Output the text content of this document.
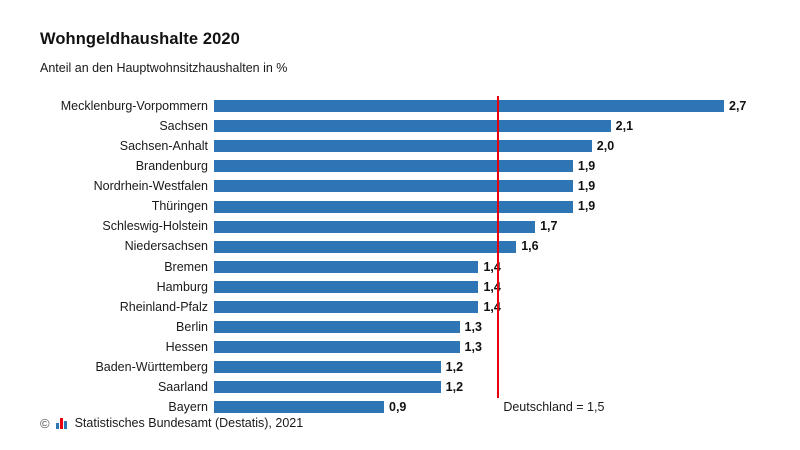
Wohngeldhaushalte 2020
Anteil an den Hauptwohnsitzhaushalten in %
Mecklenburg-Vorpommern	2,7
Sachsen	2,1
Sachsen-Anhalt	2,0
Brandenburg	1,9
Nordrhein-Westfalen	1,9
Thüringen	1,9
Schleswig-Holstein	1,7
Niedersachsen	1,6
Bremen	1,4
Hamburg	1,4
Rheinland-Pfalz	1,4
Berlin	1,3
Hessen	1,3
Baden-Württemberg	1,2
Saarland	1,2
Bayern	0,9	Deutschland = 1,5
© Statistisches Bundesamt (Destatis), 2021
